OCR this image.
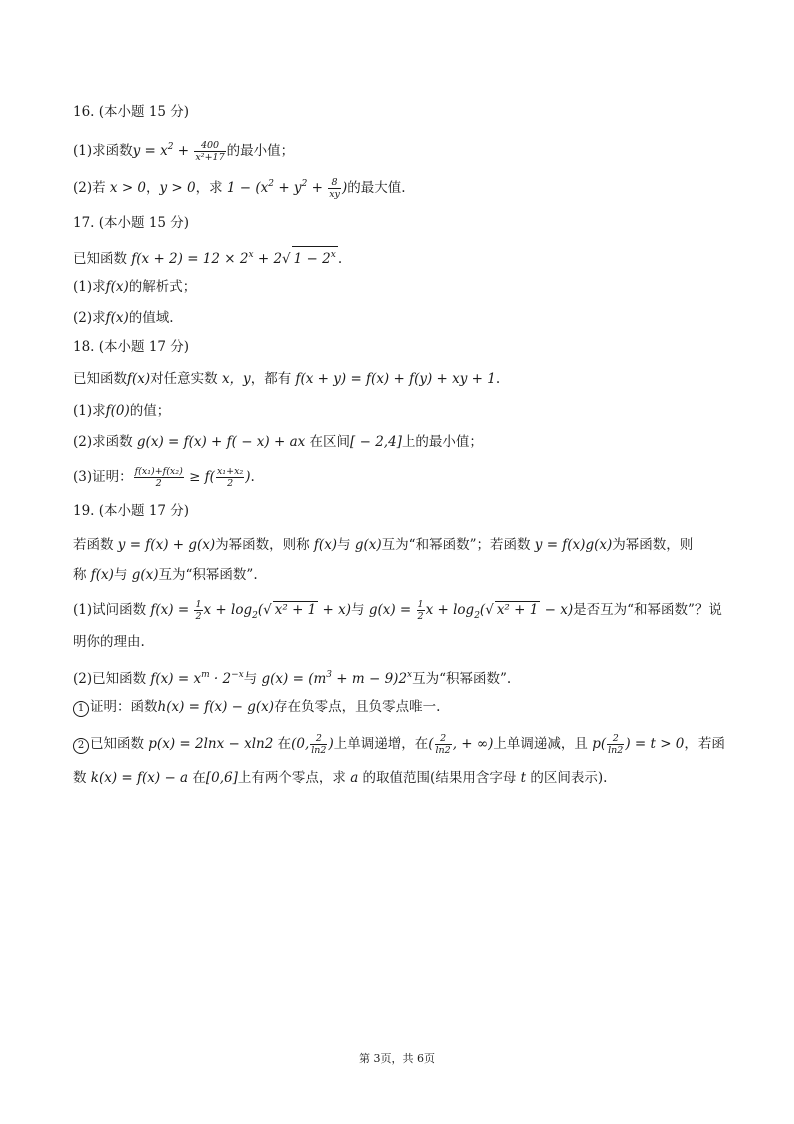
16. (本小题 15 分)
(1)求函数$y = x^2 + \frac{400}{\text{x²+17}}$ 的最小值；
(2)若 x > 0，y > 0，求 $1 - (x^2 + y^2 + \frac{8}{xy}$ )的最大值.
17. (本小题 15 分)
已知函数 $f(x + 2) = 12 \times 2^x + 2√$ $1 - 2^x$ .
(1)求f(x)的解析式；
(2)求f(x)的值域.
18. (本小题 17 分)
已知函数f(x)对任意实数 x，y，都有 f(x + y) = f(x) + f(y) + xy + 1.
(1)求f(0)的值；
(2)求函数 g(x) = f(x) + f( − x) + ax 在区间[ − 2,4]上的最小值；
(3)证明： $\frac{\text{f(x₁)+f(x₂)}}{2} \ge f( \frac{\text{x₁+x₂}}{2}$ ).
19. (本小题 17 分)
若函数 y = f(x) + g(x)为幂函数，则称 f(x)与 g(x)互为“和幂函数”；若函数 y = f(x)g(x)为幂函数，则
称 f(x)与 g(x)互为“积幂函数”.
(1)试问函数 $f(x) = \frac{1}{2}$ $x + \log_2(√$ x² + 1 + x)与 $g(x) = \frac{1}{2}$ $x + \log_2(√$ x² + 1 − x)是否互为“和幂函数”？说
明你的理由.
(2)已知函数 $f(x) = x^m \cdot 2^{-x}$与 $g(x) = (m^3 + m - 9)2^x$互为“积幂函数”.
1 证明：函数h(x) = f(x) − g(x)存在负零点，且负零点唯一.
2 已知函数 p(x) = 2lnx − xln2 在(0, $\frac{2}{\ln 2}$ )上单调递增，在( $\frac{2}{\ln 2}$ , + ∞)上单调递减，且 $p( \frac{2}{\ln 2}$ ) = t > 0，若函
数 k(x) = f(x) − a 在[0,6]上有两个零点，求 a 的取值范围(结果用含字母 t 的区间表示).
第 3页，共 6页
